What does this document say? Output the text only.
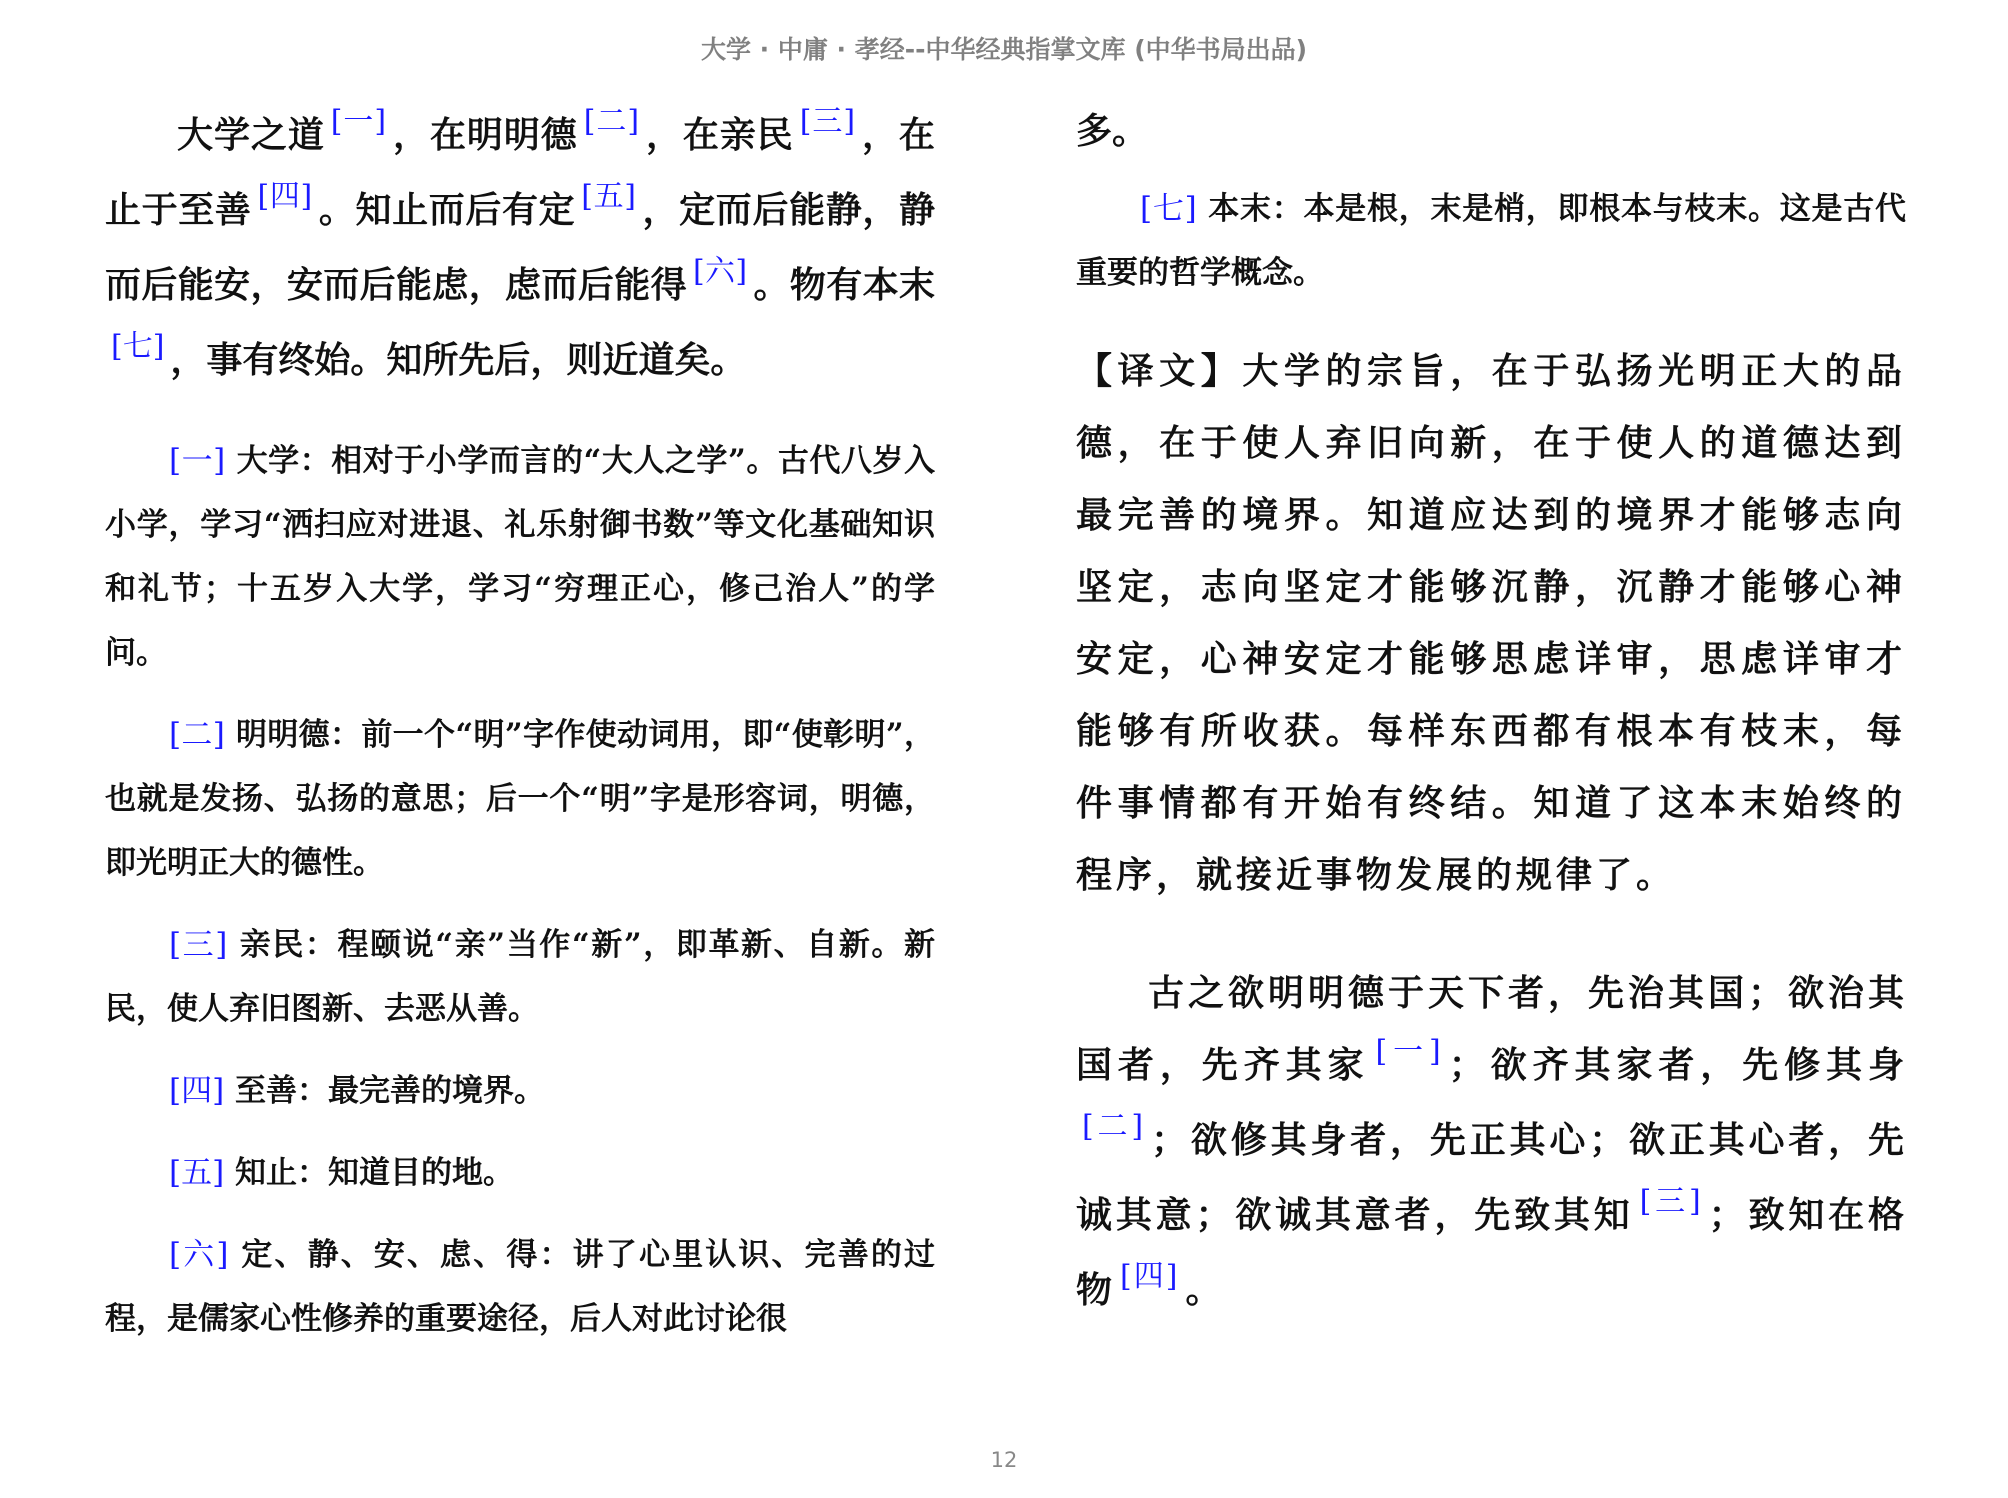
大学 · 中庸 · 孝经--中华经典指掌文库 (中华书局出品)

大学之道 [一] ，在明明德 [二] ，在亲民 [三] ，在止于至善 [四] 。知止而后有定 [五] ，定而后能静，静而后能安，安而后能虑，虑而后能得 [六] 。物有本末[七] ，事有终始。知所先后，则近道矣。

[一] 大学：相对于小学而言的“大人之学”。古代八岁入小学，学习“洒扫应对进退、礼乐射御书数”等文化基础知识和礼节；十五岁入大学，学习“穷理正心，修己治人”的学问。

[二] 明明德：前一个“明”字作使动词用，即“使彰明”，也就是发扬、弘扬的意思；后一个“明”字是形容词，明德，即光明正大的德性。

[三] 亲民：程颐说“亲”当作“新”，即革新、自新。新民，使人弃旧图新、去恶从善。

[四] 至善：最完善的境界。

[五] 知止：知道目的地。

[六] 定、静、安、虑、得：讲了心里认识、完善的过程，是儒家心性修养的重要途径，后人对此讨论很

多。

[七] 本末：本是根，末是梢，即根本与枝末。这是古代重要的哲学概念。

【译文】大学的宗旨，在于弘扬光明正大的品德，在于使人弃旧向新，在于使人的道德达到最完善的境界。知道应达到的境界才能够志向坚定，志向坚定才能够沉静，沉静才能够心神安定，心神安定才能够思虑详审，思虑详审才能够有所收获。每样东西都有根本有枝末，每件事情都有开始有终结。知道了这本末始终的程序，就接近事物发展的规律了。

古之欲明明德于天下者，先治其国；欲治其国者，先齐其家 [一] ；欲齐其家者，先修其身[二] ；欲修其身者，先正其心；欲正其心者，先诚其意；欲诚其意者，先致其知 [三] ；致知在格物 [四] 。

12
